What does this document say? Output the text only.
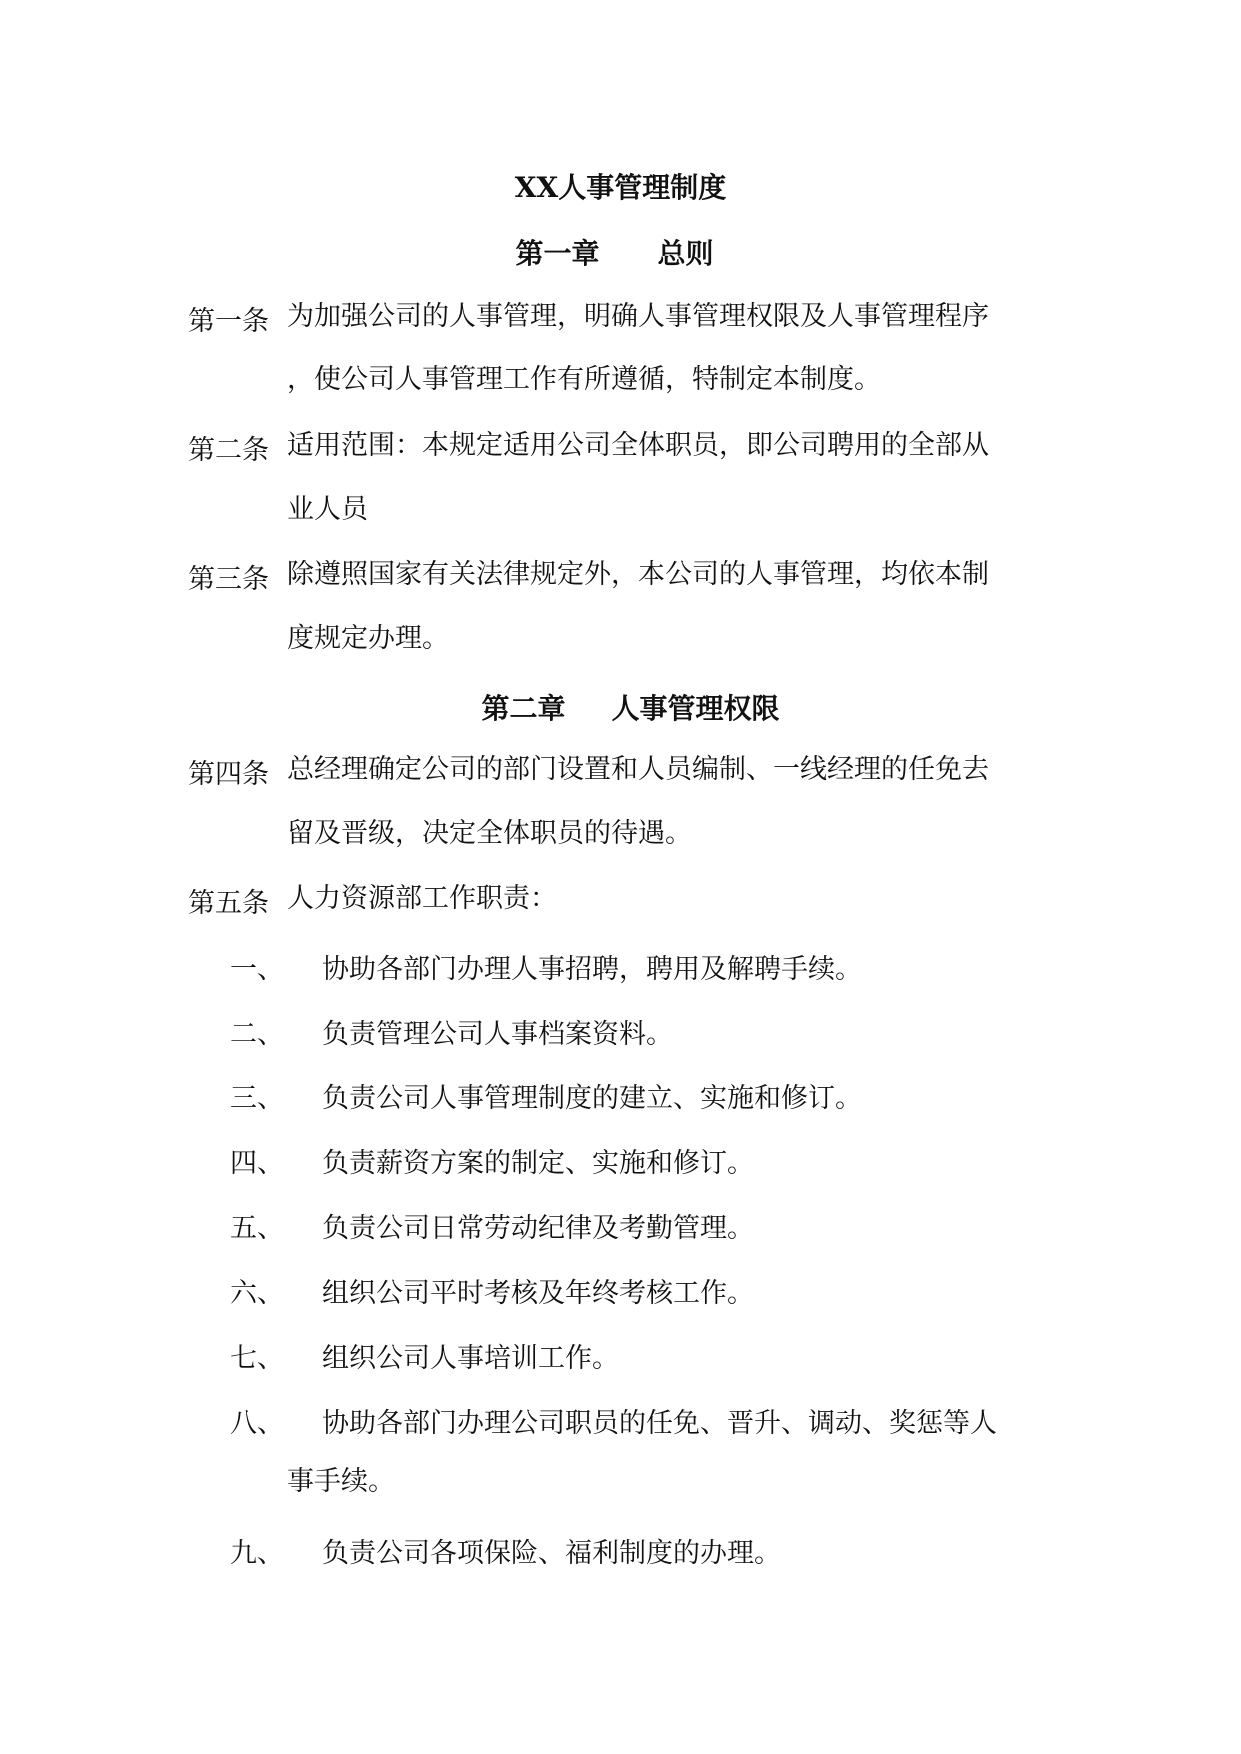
XX人事管理制度
第一章 总则
第一条 为加强公司的人事管理，明确人事管理权限及人事管理程序
，使公司人事管理工作有所遵循，特制定本制度。
第二条 适用范围：本规定适用公司全体职员，即公司聘用的全部从
业人员
第三条 除遵照国家有关法律规定外，本公司的人事管理，均依本制
度规定办理。
第二章 人事管理权限
第四条 总经理确定公司的部门设置和人员编制、一线经理的任免去
留及晋级，决定全体职员的待遇。
第五条 人力资源部工作职责：
一、 协助各部门办理人事招聘，聘用及解聘手续。
二、 负责管理公司人事档案资料。
三、 负责公司人事管理制度的建立、实施和修订。
四、 负责薪资方案的制定、实施和修订。
五、 负责公司日常劳动纪律及考勤管理。
六、 组织公司平时考核及年终考核工作。
七、 组织公司人事培训工作。
八、 协助各部门办理公司职员的任免、晋升、调动、奖惩等人
事手续。
九、 负责公司各项保险、福利制度的办理。
